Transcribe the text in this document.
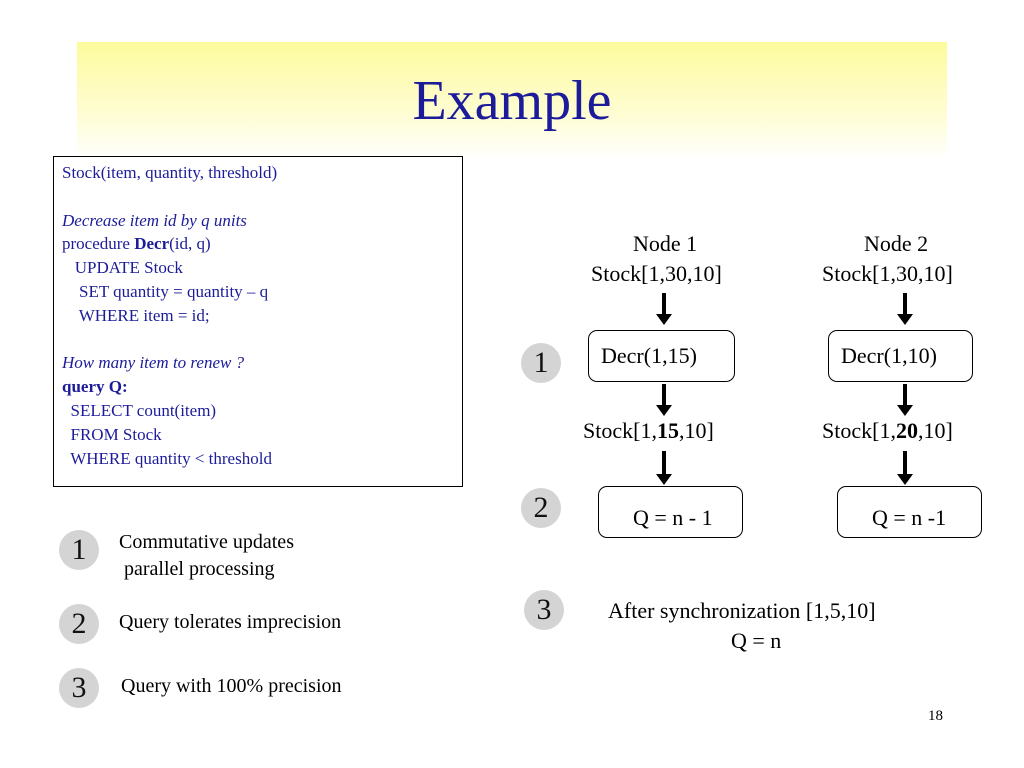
Example
Stock(item, quantity, threshold)
Decrease item id by q units
procedure Decr(id, q)
UPDATE Stock
SET quantity = quantity – q
WHERE item = id;
How many item to renew ?
query Q:
SELECT count(item)
FROM Stock
WHERE quantity < threshold
1	Commutative updates
parallel processing
2	Query tolerates imprecision
3	Query with 100% precision
Node 1
Stock[1,30,10]
Decr(1,15)
Stock[1,15,10]
Q = n - 1
Node 2
Stock[1,30,10]
Decr(1,10)
Stock[1,20,10]
Q = n -1
1
2
3	After synchronization [1,5,10]
Q = n
18
